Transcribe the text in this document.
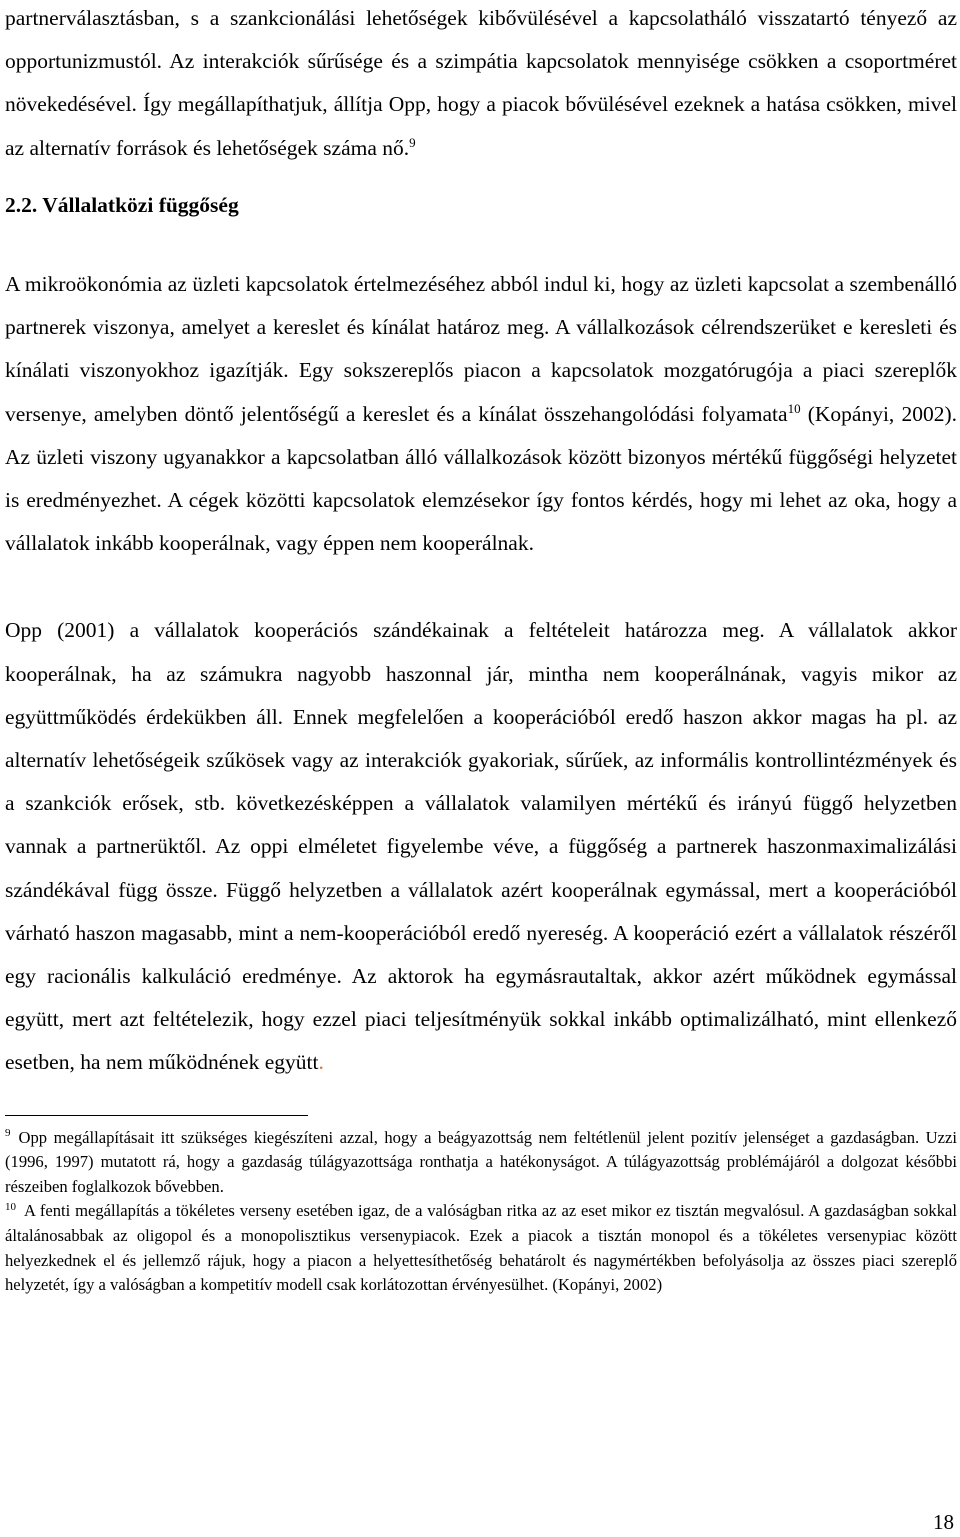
partnerválasztásban, s a szankcionálási lehetőségek kibővülésével a kapcsolatháló visszatartó tényező az opportunizmustól. Az interakciók sűrűsége és a szimpátia kapcsolatok mennyisége csökken a csoportméret növekedésével. Így megállapíthatjuk, állítja Opp, hogy a piacok bővülésével ezeknek a hatása csökken, mivel az alternatív források és lehetőségek száma nő.$^9$

2.2. Vállalatközi függőség

A mikroökonómia az üzleti kapcsolatok értelmezéséhez abból indul ki, hogy az üzleti kapcsolat a szembenálló partnerek viszonya, amelyet a kereslet és kínálat határoz meg. A vállalkozások célrendszerüket e keresleti és kínálati viszonyokhoz igazítják. Egy sokszereplős piacon a kapcsolatok mozgatórugója a piaci szereplők versenye, amelyben döntő jelentőségű a kereslet és a kínálat összehangolódási folyamata$^{10}$ (Kopányi, 2002). Az üzleti viszony ugyanakkor a kapcsolatban álló vállalkozások között bizonyos mértékű függőségi helyzetet is eredményezhet. A cégek közötti kapcsolatok elemzésekor így fontos kérdés, hogy mi lehet az oka, hogy a vállalatok inkább kooperálnak, vagy éppen nem kooperálnak.

Opp (2001) a vállalatok kooperációs szándékainak a feltételeit határozza meg. A vállalatok akkor kooperálnak, ha az számukra nagyobb haszonnal jár, mintha nem kooperálnának, vagyis mikor az együttműködés érdekükben áll. Ennek megfelelően a kooperációból eredő haszon akkor magas ha pl. az alternatív lehetőségeik szűkösek vagy az interakciók gyakoriak, sűrűek, az informális kontrollintézmények és a szankciók erősek, stb. következésképpen a vállalatok valamilyen mértékű és irányú függő helyzetben vannak a partnerüktől. Az oppi elméletet figyelembe véve, a függőség a partnerek haszonmaximalizálási szándékával függ össze. Függő helyzetben a vállalatok azért kooperálnak egymással, mert a kooperációból várható haszon magasabb, mint a nem-kooperációból eredő nyereség. A kooperáció ezért a vállalatok részéről egy racionális kalkuláció eredménye. Az aktorok ha egymásrautaltak, akkor azért működnek egymással együtt, mert azt feltételezik, hogy ezzel piaci teljesítményük sokkal inkább optimalizálható, mint ellenkező esetben, ha nem működnének együtt.

$^9$ Opp megállapításait itt szükséges kiegészíteni azzal, hogy a beágyazottság nem feltétlenül jelent pozitív jelenséget a gazdaságban. Uzzi (1996, 1997) mutatott rá, hogy a gazdaság túlágyazottsága ronthatja a hatékonyságot. A túlágyazottság problémájáról a dolgozat későbbi részeiben foglalkozok bővebben.

$^{10}$ A fenti megállapítás a tökéletes verseny esetében igaz, de a valóságban ritka az az eset mikor ez tisztán megvalósul. A gazdaságban sokkal általánosabbak az oligopol és a monopolisztikus versenypiacok. Ezek a piacok a tisztán monopol és a tökéletes versenypiac között helyezkednek el és jellemző rájuk, hogy a piacon a helyettesíthetőség behatárolt és nagymértékben befolyásolja az összes piaci szereplő helyzetét, így a valóságban a kompetitív modell csak korlátozottan érvényesülhet. (Kopányi, 2002)

18
